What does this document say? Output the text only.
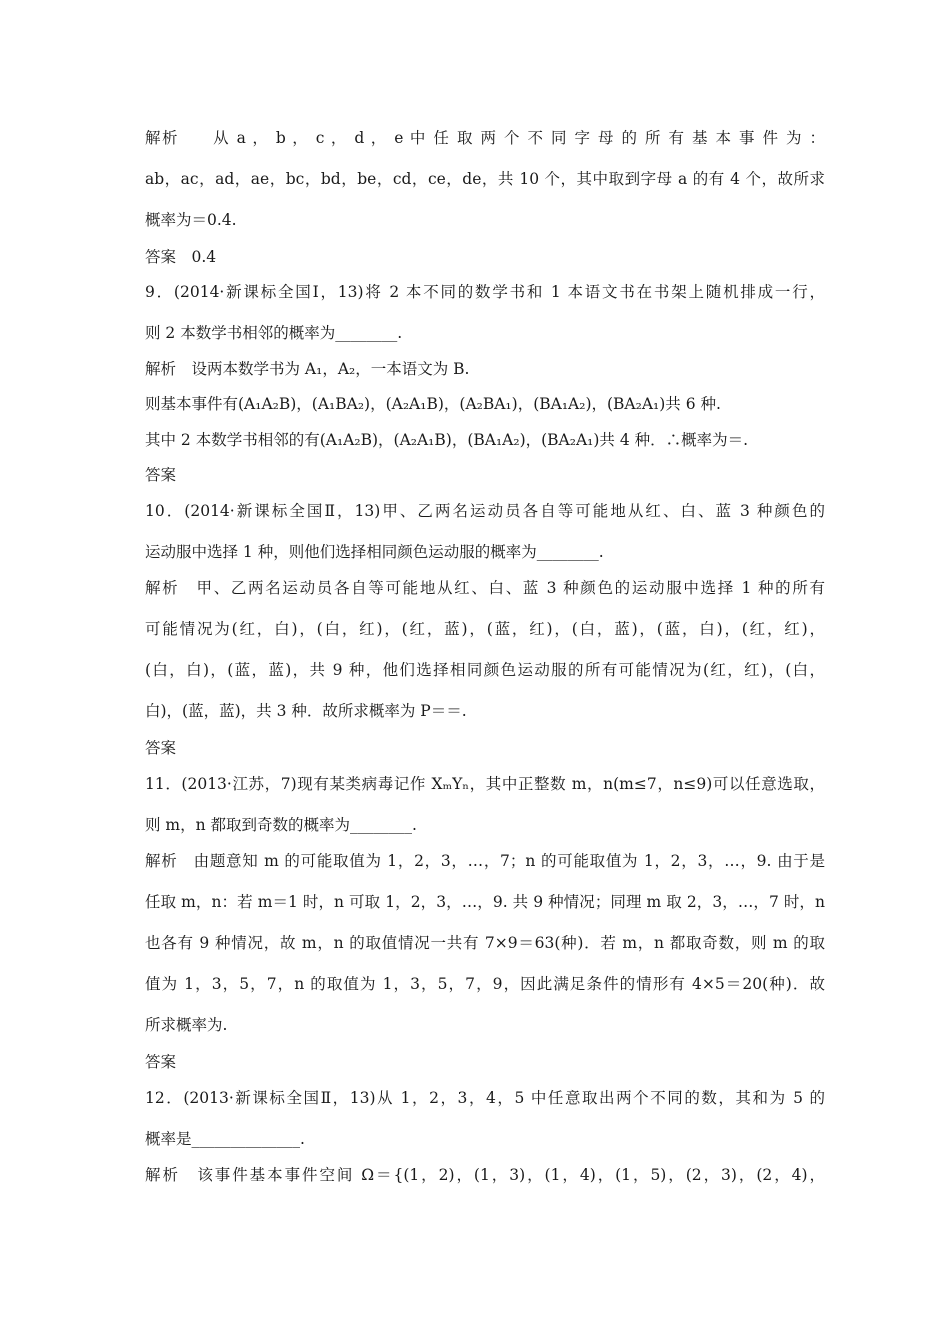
解析　　从 a ， b ， c ， d ， e 中 任 取 两 个 不 同 字 母 的 所 有 基 本 事 件 为 ：
ab，ac，ad，ae，bc，bd，be，cd，ce，de，共 10 个，其中取到字母 a 的有 4 个，故所求
概率为＝0.4.
答案　0.4
9．(2014·新课标全国Ⅰ，13)将 2 本不同的数学书和 1 本语文书在书架上随机排成一行，
则 2 本数学书相邻的概率为________.
解析　设两本数学书为 A₁，A₂，一本语文为 B.
则基本事件有(A₁A₂B)，(A₁BA₂)，(A₂A₁B)，(A₂BA₁)，(BA₁A₂)，(BA₂A₁)共 6 种.
其中 2 本数学书相邻的有(A₁A₂B)，(A₂A₁B)，(BA₁A₂)，(BA₂A₁)共 4 种．∴概率为＝.
答案
10．(2014·新课标全国Ⅱ，13)甲、乙两名运动员各自等可能地从红、白、蓝 3 种颜色的
运动服中选择 1 种，则他们选择相同颜色运动服的概率为________.
解析　甲、乙两名运动员各自等可能地从红、白、蓝 3 种颜色的运动服中选择 1 种的所有
可能情况为(红，白)，(白，红)，(红，蓝)，(蓝，红)，(白，蓝)，(蓝，白)，(红，红)，
(白，白)，(蓝，蓝)，共 9 种，他们选择相同颜色运动服的所有可能情况为(红，红)，(白，
白)，(蓝，蓝)，共 3 种．故所求概率为 P＝＝.
答案
11．(2013·江苏，7)现有某类病毒记作 XₘYₙ，其中正整数 m，n(m≤7，n≤9)可以任意选取，
则 m，n 都取到奇数的概率为________.
解析　由题意知 m 的可能取值为 1，2，3，…，7；n 的可能取值为 1，2，3，…，9. 由于是
任取 m，n：若 m＝1 时，n 可取 1，2，3，…，9. 共 9 种情况；同理 m 取 2，3，…，7 时，n
也各有 9 种情况，故 m，n 的取值情况一共有 7×9＝63(种)．若 m，n 都取奇数，则 m 的取
值为 1，3，5，7，n 的取值为 1，3，5，7，9，因此满足条件的情形有 4×5＝20(种)．故
所求概率为.
答案
12．(2013·新课标全国Ⅱ，13)从 1，2，3，4，5 中任意取出两个不同的数，其和为 5 的
概率是______________.
解析　该事件基本事件空间 Ω＝{(1，2)，(1，3)，(1，4)，(1，5)，(2，3)，(2，4)，
